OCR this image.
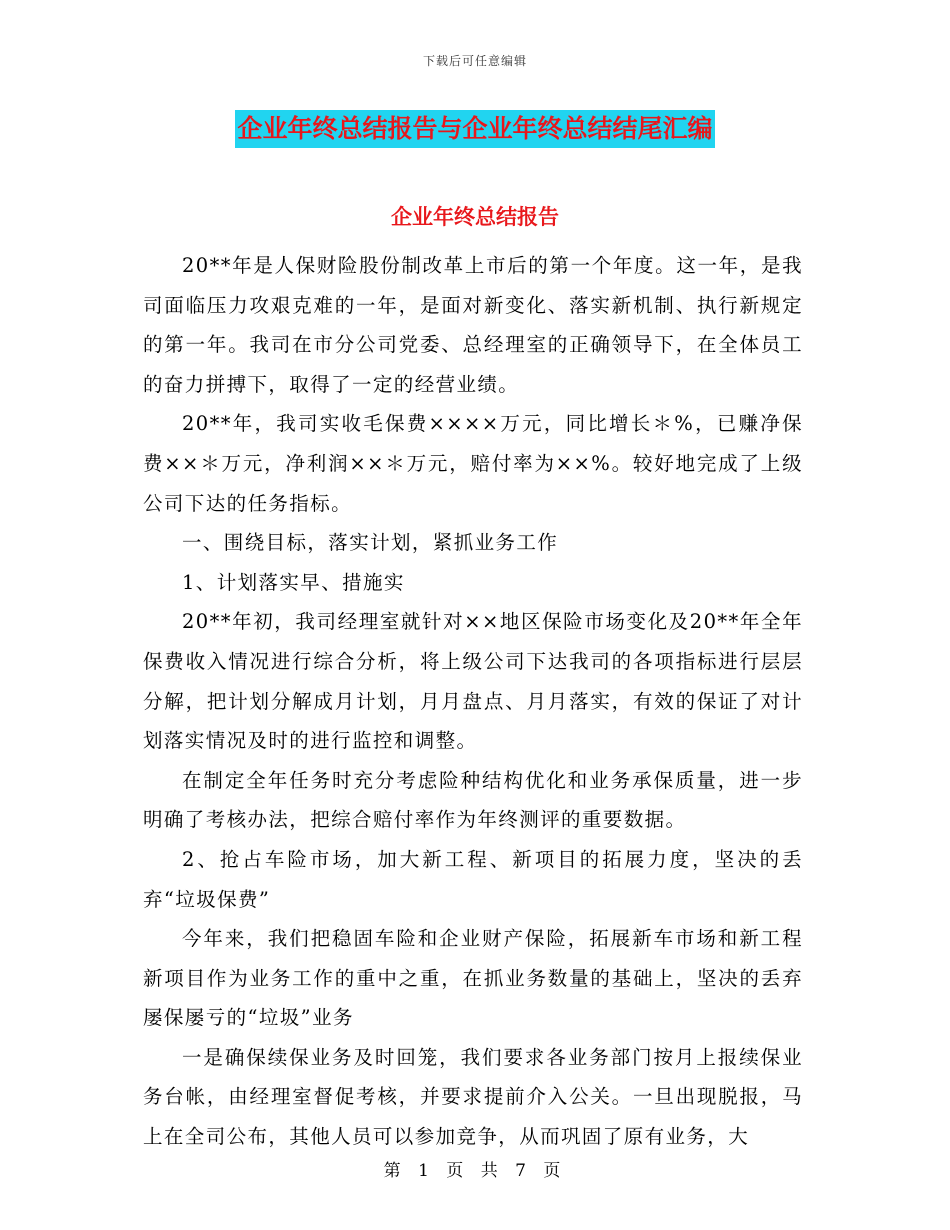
下载后可任意编辑
企业年终总结报告与企业年终总结结尾汇编
企业年终总结报告

20**年是人保财险股份制改革上市后的第一个年度。这一年，是我司面临压力攻艰克难的一年，是面对新变化、落实新机制、执行新规定的第一年。我司在市分公司党委、总经理室的正确领导下，在全体员工的奋力拼搏下，取得了一定的经营业绩。

20**年，我司实收毛保费××××万元，同比增长＊%，已赚净保费××＊万元，净利润××＊万元，赔付率为××%。较好地完成了上级公司下达的任务指标。

一、围绕目标，落实计划，紧抓业务工作

1、计划落实早、措施实

20**年初，我司经理室就针对××地区保险市场变化及20**年全年保费收入情况进行综合分析，将上级公司下达我司的各项指标进行层层分解，把计划分解成月计划，月月盘点、月月落实，有效的保证了对计划落实情况及时的进行监控和调整。

在制定全年任务时充分考虑险种结构优化和业务承保质量，进一步明确了考核办法，把综合赔付率作为年终测评的重要数据。

2、抢占车险市场，加大新工程、新项目的拓展力度，坚决的丢弃“垃圾保费”

今年来，我们把稳固车险和企业财产保险，拓展新车市场和新工程新项目作为业务工作的重中之重，在抓业务数量的基础上，坚决的丢弃屡保屡亏的“垃圾”业务

一是确保续保业务及时回笼，我们要求各业务部门按月上报续保业务台帐，由经理室督促考核，并要求提前介入公关。一旦出现脱报，马上在全司公布，其他人员可以参加竞争，从而巩固了原有业务，大

第 1 页 共 7 页
